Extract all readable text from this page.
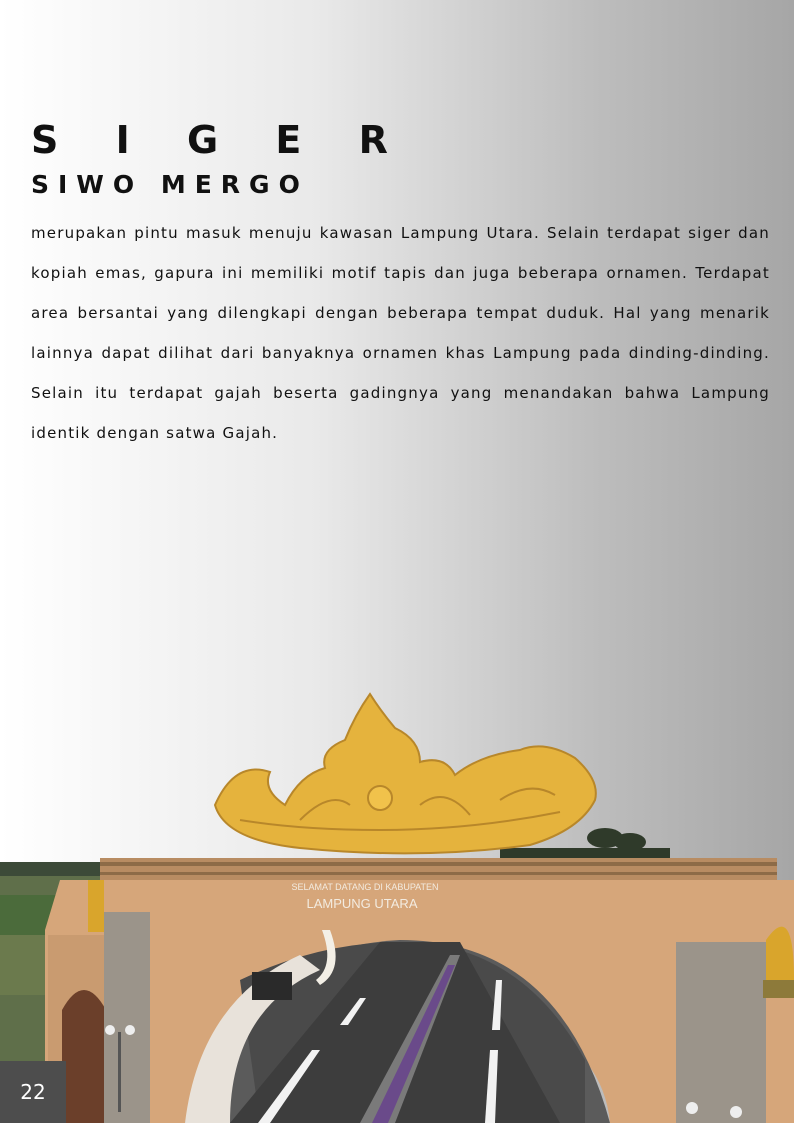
S I G E R
SIWO MERGO

merupakan pintu masuk menuju kawasan Lampung Utara. Selain terdapat siger dan kopiah emas, gapura ini memiliki motif tapis dan juga beberapa ornamen. Terdapat area bersantai yang dilengkapi dengan beberapa tempat duduk. Hal yang menarik lainnya dapat dilihat dari banyaknya ornamen khas Lampung pada dinding-dinding. Selain itu terdapat gajah beserta gadingnya yang menandakan bahwa Lampung identik dengan satwa Gajah.

SELAMAT DATANG DI KABUPATEN
LAMPUNG UTARA
22
